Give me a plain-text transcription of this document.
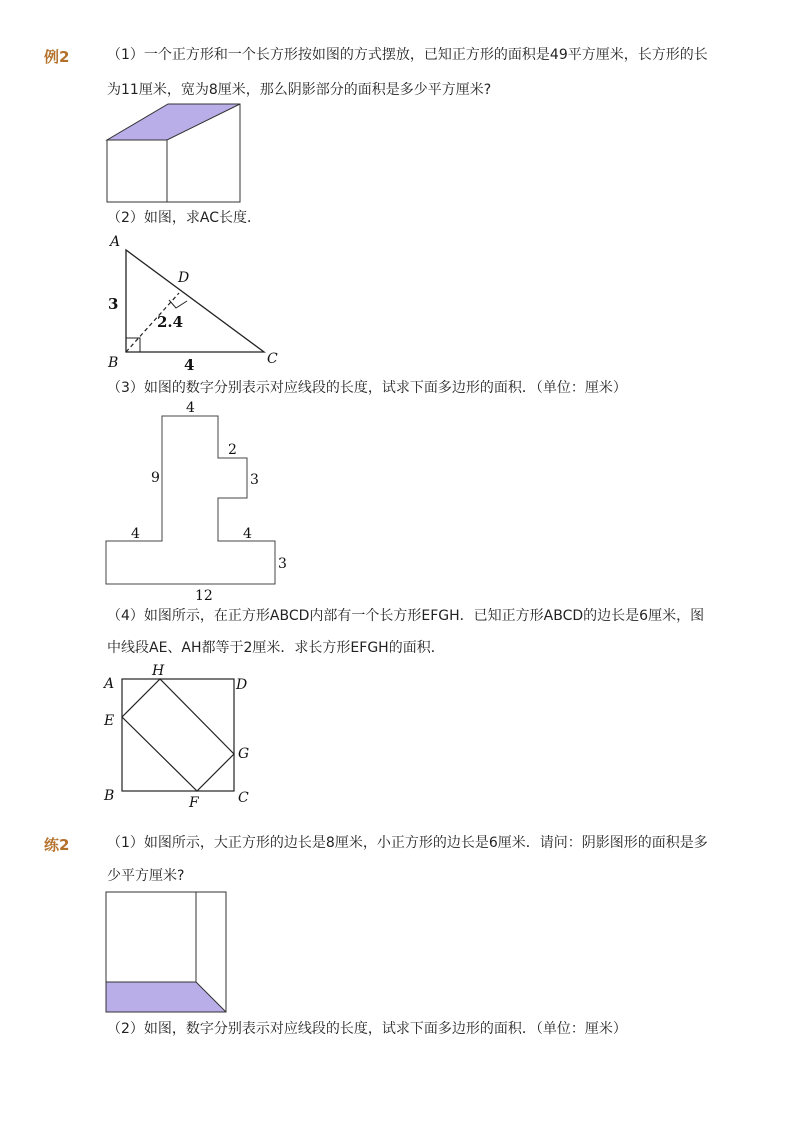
例2	（1）一个正方形和一个长方形按如图的方式摆放，已知正方形的面积是49平方厘米，长方形的长
为11厘米，宽为8厘米，那么阴影部分的面积是多少平方厘米?
（2）如图，求AC长度．
A
B	C
D
3
4
2.4
（3）如图的数字分别表示对应线段的长度，试求下面多边形的面积．（单位：厘米）
4
9
2
3
4	4
3
12
（4）如图所示，在正方形ABCD内部有一个长方形EFGH．已知正方形ABCD的边长是6厘米，图
中线段AE、AH都等于2厘米．求长方形EFGH的面积．
A
H
D
E
G
B	F	C
练2	（1）如图所示，大正方形的边长是8厘米，小正方形的边长是6厘米．请问：阴影图形的面积是多
少平方厘米?
（2）如图，数字分别表示对应线段的长度，试求下面多边形的面积．（单位：厘米）
